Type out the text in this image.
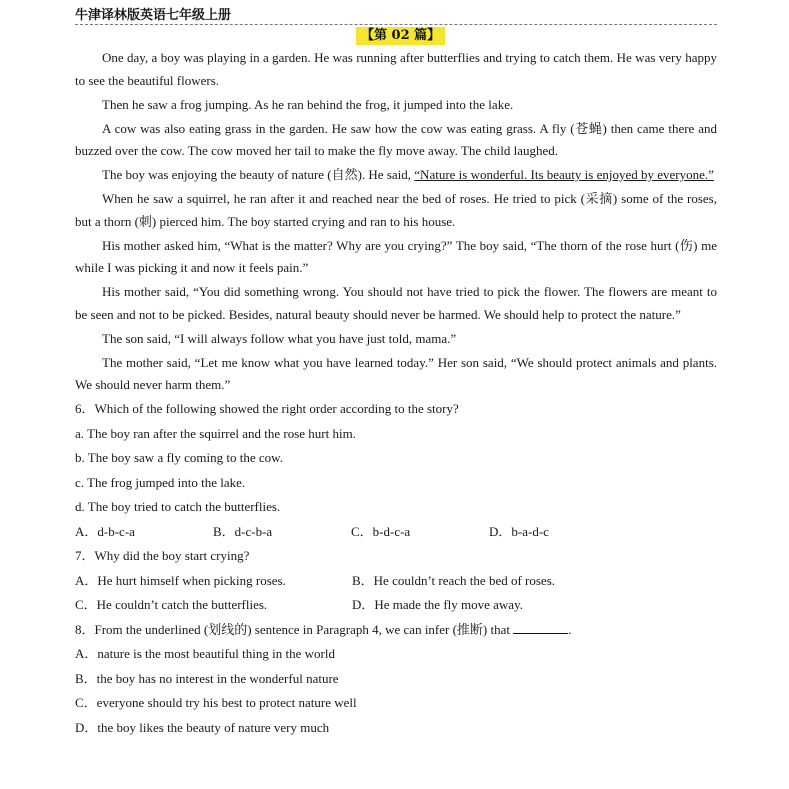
牛津译林版英语七年级上册
【第 02 篇】

One day, a boy was playing in a garden. He was running after butterflies and trying to catch them. He was very happy to see the beautiful flowers.

Then he saw a frog jumping. As he ran behind the frog, it jumped into the lake.

A cow was also eating grass in the garden. He saw how the cow was eating grass. A fly (苍蝇) then came there and buzzed over the cow. The cow moved her tail to make the fly move away. The child laughed.

The boy was enjoying the beauty of nature (自然). He said, “Nature is wonderful. Its beauty is enjoyed by everyone.”

When he saw a squirrel, he ran after it and reached near the bed of roses. He tried to pick (采摘) some of the roses, but a thorn (刺) pierced him. The boy started crying and ran to his house.

His mother asked him, “What is the matter? Why are you crying?” The boy said, “The thorn of the rose hurt (伤) me while I was picking it and now it feels pain.”

His mother said, “You did something wrong. You should not have tried to pick the flower. The flowers are meant to be seen and not to be picked. Besides, natural beauty should never be harmed. We should help to protect the nature.”

The son said, “I will always follow what you have just told, mama.”

The mother said, “Let me know what you have learned today.” Her son said, “We should protect animals and plants. We should never harm them.”

6．Which of the following showed the right order according to the story?
a. The boy ran after the squirrel and the rose hurt him.
b. The boy saw a fly coming to the cow.
c. The frog jumped into the lake.
d. The boy tried to catch the butterflies.
A．d-b-c-a	B．d-c-b-a	C．b-d-c-a	D．b-a-d-c
7．Why did the boy start crying?
A．He hurt himself when picking roses.	B．He couldn’t reach the bed of roses.
C．He couldn’t catch the butterflies.	D．He made the fly move away.
8．From the underlined (划线的) sentence in Paragraph 4, we can infer (推断) that	.
A．nature is the most beautiful thing in the world
B．the boy has no interest in the wonderful nature
C．everyone should try his best to protect nature well
D．the boy likes the beauty of nature very much
